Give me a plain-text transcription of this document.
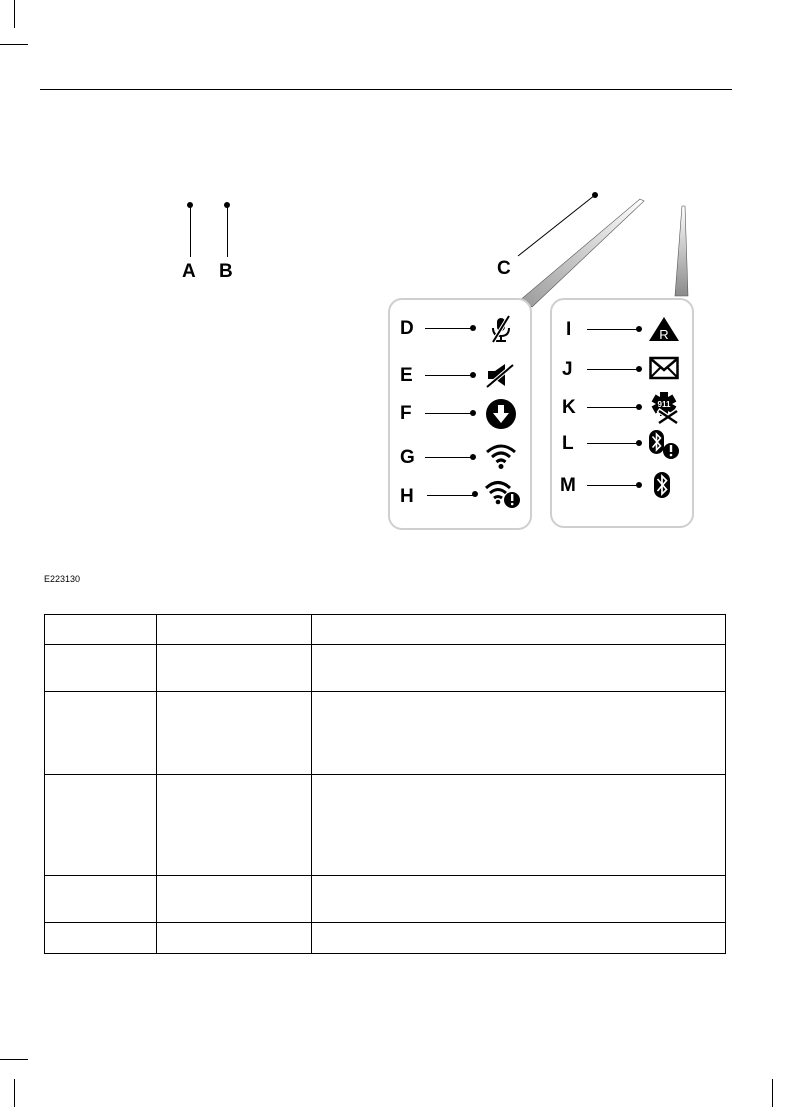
A B	C
D
E
F
G
H
I	R
J
K	911
L
M
E223130
